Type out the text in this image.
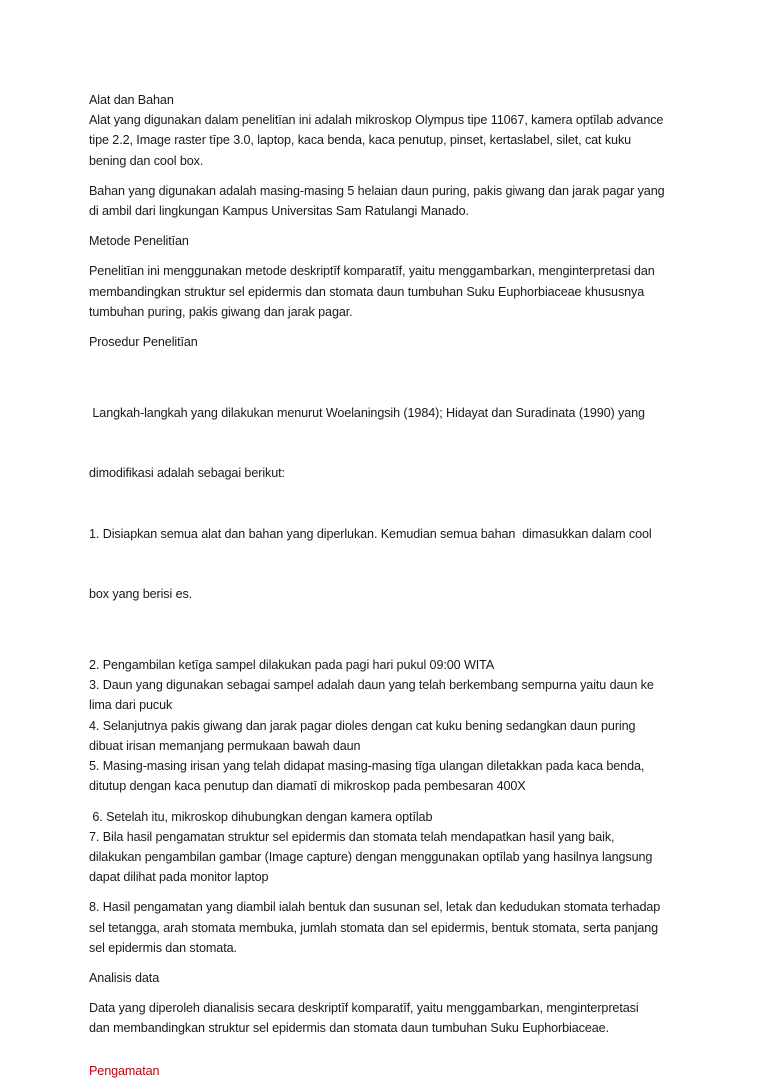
Alat dan Bahan

Alat yang digunakan dalam penelitīan ini adalah mikroskop Olympus tipe 11067, kamera optīlab advance
tipe 2.2, Image raster tīpe 3.0, laptop, kaca benda, kaca penutup, pinset, kertaslabel, silet, cat kuku
bening dan cool box.

Bahan yang digunakan adalah masing-masing 5 helaian daun puring, pakis giwang dan jarak pagar yang
di ambil dari lingkungan Kampus Universitas Sam Ratulangi Manado.

Metode Penelitīan

Penelitīan ini menggunakan metode deskriptīf komparatīf, yaitu menggambarkan, menginterpretasi dan
membandingkan struktur sel epidermis dan stomata daun tumbuhan Suku Euphorbiaceae khususnya
tumbuhan puring, pakis giwang dan jarak pagar.

Prosedur Penelitīan

Langkah-langkah yang dilakukan menurut Woelaningsih (1984); Hidayat dan Suradinata (1990) yang

dimodifikasi adalah sebagai berikut:

1. Disiapkan semua alat dan bahan yang diperlukan. Kemudian semua bahan  dimasukkan dalam cool

box yang berisi es.

2. Pengambilan ketīga sampel dilakukan pada pagi hari pukul 09:00 WITA
3. Daun yang digunakan sebagai sampel adalah daun yang telah berkembang sempurna yaitu daun ke
lima dari pucuk
4. Selanjutnya pakis giwang dan jarak pagar dioles dengan cat kuku bening sedangkan daun puring
dibuat irisan memanjang permukaan bawah daun
5. Masing-masing irisan yang telah didapat masing-masing tīga ulangan diletakkan pada kaca benda,
ditutup dengan kaca penutup dan diamatī di mikroskop pada pembesaran 400X

6. Setelah itu, mikroskop dihubungkan dengan kamera optīlab
7. Bila hasil pengamatan struktur sel epidermis dan stomata telah mendapatkan hasil yang baik,
dilakukan pengambilan gambar (Image capture) dengan menggunakan optīlab yang hasilnya langsung
dapat dilihat pada monitor laptop

8. Hasil pengamatan yang diambil ialah bentuk dan susunan sel, letak dan kedudukan stomata terhadap
sel tetangga, arah stomata membuka, jumlah stomata dan sel epidermis, bentuk stomata, serta panjang
sel epidermis dan stomata.

Analisis data

Data yang diperoleh dianalisis secara deskriptīf komparatīf, yaitu menggambarkan, menginterpretasi
dan membandingkan struktur sel epidermis dan stomata daun tumbuhan Suku Euphorbiaceae.

Pengamatan
